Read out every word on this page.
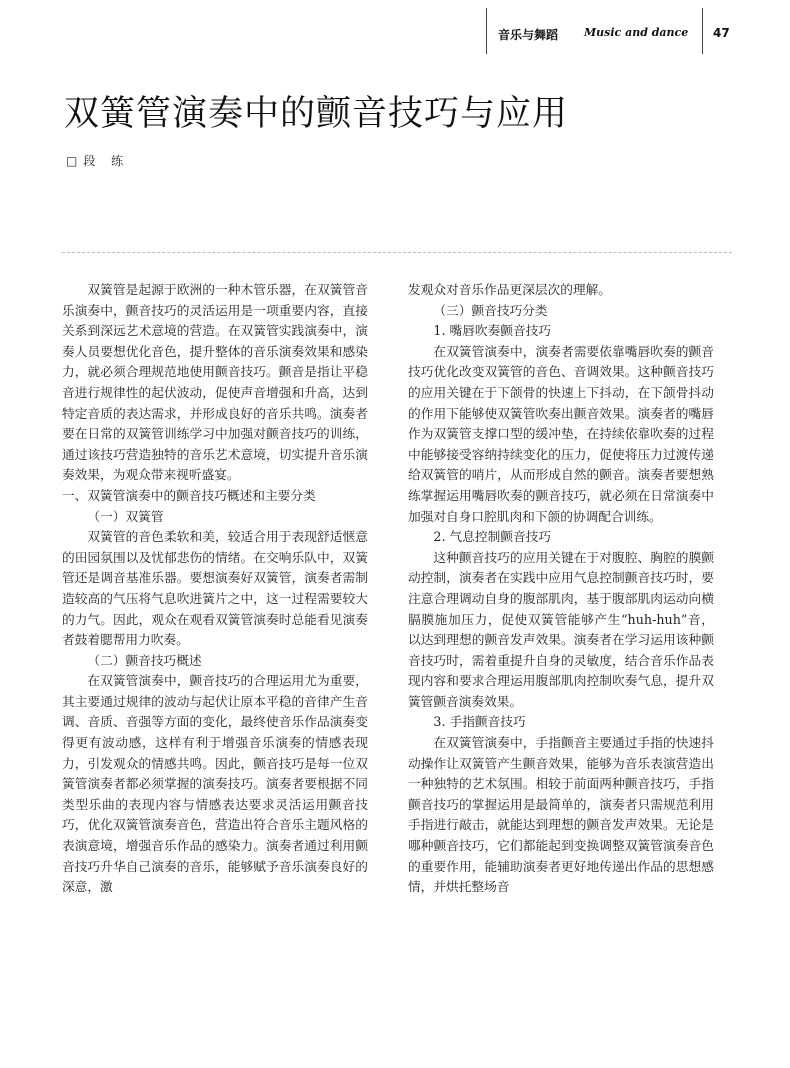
音乐与舞蹈 Music and dance 47
双簧管演奏中的颤音技巧与应用
□段 练

双簧管是起源于欧洲的一种木管乐器，在双簧管音乐演奏中，颤音技巧的灵活运用是一项重要内容，直接关系到深远艺术意境的营造。在双簧管实践演奏中，演奏人员要想优化音色，提升整体的音乐演奏效果和感染力，就必须合理规范地使用颤音技巧。颤音是指让平稳音进行规律性的起伏波动，促使声音增强和升高，达到特定音质的表达需求，并形成良好的音乐共鸣。演奏者要在日常的双簧管训练学习中加强对颤音技巧的训练，通过该技巧营造独特的音乐艺术意境，切实提升音乐演奏效果，为观众带来视听盛宴。

一、双簧管演奏中的颤音技巧概述和主要分类

（一）双簧管

双簧管的音色柔软和美，较适合用于表现舒适惬意的田园氛围以及忧郁悲伤的情绪。在交响乐队中，双簧管还是调音基准乐器。要想演奏好双簧管，演奏者需制造较高的气压将气息吹进簧片之中，这一过程需要较大的力气。因此，观众在观看双簧管演奏时总能看见演奏者鼓着腮帮用力吹奏。

（二）颤音技巧概述

在双簧管演奏中，颤音技巧的合理运用尤为重要，其主要通过规律的波动与起伏让原本平稳的音律产生音调、音质、音强等方面的变化，最终使音乐作品演奏变得更有波动感，这样有利于增强音乐演奏的情感表现力，引发观众的情感共鸣。因此，颤音技巧是每一位双簧管演奏者都必须掌握的演奏技巧。演奏者要根据不同类型乐曲的表现内容与情感表达要求灵活运用颤音技巧，优化双簧管演奏音色，营造出符合音乐主题风格的表演意境，增强音乐作品的感染力。演奏者通过利用颤音技巧升华自己演奏的音乐，能够赋予音乐演奏良好的深意，激

发观众对音乐作品更深层次的理解。

（三）颤音技巧分类

1. 嘴唇吹奏颤音技巧

在双簧管演奏中，演奏者需要依靠嘴唇吹奏的颤音技巧优化改变双簧管的音色、音调效果。这种颤音技巧的应用关键在于下颌骨的快速上下抖动，在下颌骨抖动的作用下能够使双簧管吹奏出颤音效果。演奏者的嘴唇作为双簧管支撑口型的缓冲垫，在持续依靠吹奏的过程中能够接受容纳持续变化的压力，促使将压力过渡传递给双簧管的哨片，从而形成自然的颤音。演奏者要想熟练掌握运用嘴唇吹奏的颤音技巧，就必须在日常演奏中加强对自身口腔肌肉和下颌的协调配合训练。

2. 气息控制颤音技巧

这种颤音技巧的应用关键在于对腹腔、胸腔的膜颤动控制，演奏者在实践中应用气息控制颤音技巧时，要注意合理调动自身的腹部肌肉，基于腹部肌肉运动向横膈膜施加压力，促使双簧管能够产生“huh-huh”音，以达到理想的颤音发声效果。演奏者在学习运用该种颤音技巧时，需着重提升自身的灵敏度，结合音乐作品表现内容和要求合理运用腹部肌肉控制吹奏气息，提升双簧管颤音演奏效果。

3. 手指颤音技巧

在双簧管演奏中，手指颤音主要通过手指的快速抖动操作让双簧管产生颤音效果，能够为音乐表演营造出一种独特的艺术氛围。相较于前面两种颤音技巧，手指颤音技巧的掌握运用是最简单的，演奏者只需规范利用手指进行敲击，就能达到理想的颤音发声效果。无论是哪种颤音技巧，它们都能起到变换调整双簧管演奏音色的重要作用，能辅助演奏者更好地传递出作品的思想感情，并烘托整场音
